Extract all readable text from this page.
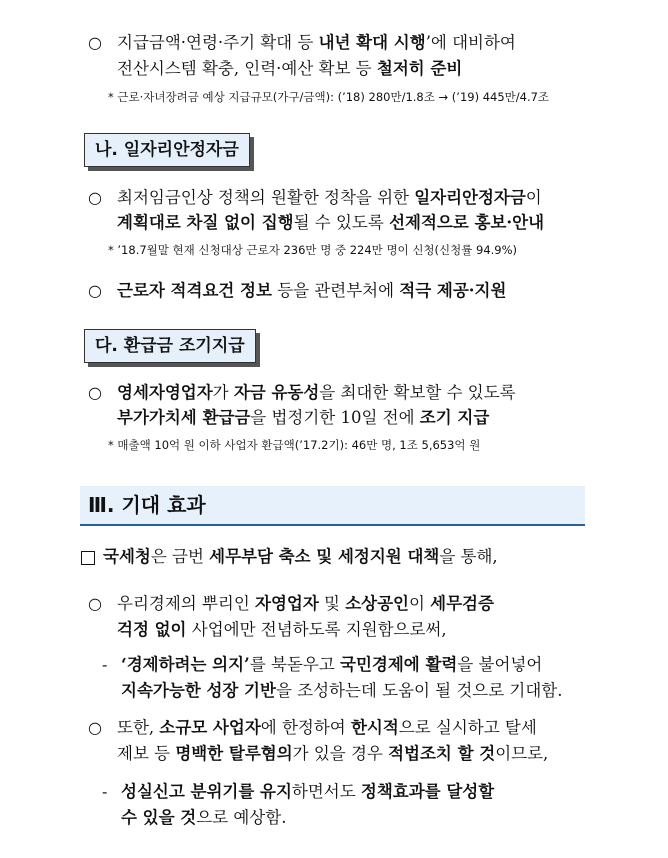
○ 지급금액·연령·주기 확대 등 내년 확대 시행’에 대비하여
전산시스템 확충, 인력·예산 확보 등 철저히 준비
* 근로·자녀장려금 예상 지급규모(가구/금액): (’18) 280만/1.8조 → (’19) 445만/4.7조
나. 일자리안정자금
○ 최저임금인상 정책의 원활한 정착을 위한 일자리안정자금이
계획대로 차질 없이 집행될 수 있도록 선제적으로 홍보·안내
* ’18.7월말 현재 신청대상 근로자 236만 명 중 224만 명이 신청(신청률 94.9%)
○ 근로자 적격요건 정보 등을 관련부처에 적극 제공·지원
다. 환급금 조기지급
○ 영세자영업자가 자금 유동성을 최대한 확보할 수 있도록
부가가치세 환급금을 법정기한 10일 전에 조기 지급
* 매출액 10억 원 이하 사업자 환급액(’17.2기): 46만 명, 1조 5,653억 원
Ⅲ. 기대 효과
국세청은 금번 세무부담 축소 및 세정지원 대책을 통해,
○ 우리경제의 뿌리인 자영업자 및 소상공인이 세무검증
걱정 없이 사업에만 전념하도록 지원함으로써,
- ‘경제하려는 의지’를 북돋우고 국민경제에 활력을 불어넣어
지속가능한 성장 기반을 조성하는데 도움이 될 것으로 기대함.
○ 또한, 소규모 사업자에 한정하여 한시적으로 실시하고 탈세
제보 등 명백한 탈루혐의가 있을 경우 적법조치 할 것이므로,
- 성실신고 분위기를 유지하면서도 정책효과를 달성할
수 있을 것으로 예상함.
